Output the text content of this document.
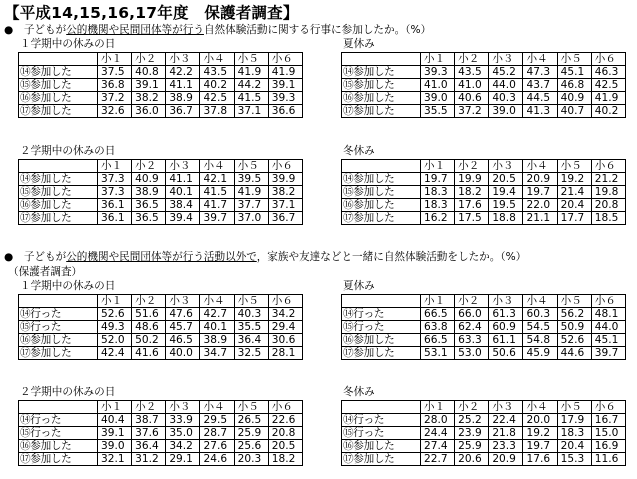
【平成14,15,16,17年度　保護者調査】
●　子どもが公的機関や民間団体等が行う自然体験活動に関する行事に参加したか。（%）
●　子どもが公的機関や民間団体等が行う活動以外で，家族や友達などと一緒に自然体験活動をしたか。（%）
（保護者調査）
１学期中の休みの日
	小１	小２	小３	小４	小５	小６
⑭参加した	37.5	40.8	42.2	43.5	41.9	41.9
⑮参加した	36.8	39.1	41.1	40.2	44.2	39.1
⑯参加した	37.2	38.2	38.9	42.5	41.5	39.3
⑰参加した	32.6	36.0	36.7	37.8	37.1	36.6
夏休み
	小１	小２	小３	小４	小５	小６
⑭参加した	39.3	43.5	45.2	47.3	45.1	46.3
⑮参加した	41.0	41.0	44.0	43.7	46.8	42.5
⑯参加した	39.0	40.6	40.3	44.5	40.9	41.9
⑰参加した	35.5	37.2	39.0	41.3	40.7	40.2
２学期中の休みの日
	小１	小２	小３	小４	小５	小６
⑭参加した	37.3	40.9	41.1	42.1	39.5	39.9
⑮参加した	37.3	38.9	40.1	41.5	41.9	38.2
⑯参加した	36.1	36.5	38.4	41.7	37.7	37.1
⑰参加した	36.1	36.5	39.4	39.7	37.0	36.7
冬休み
	小１	小２	小３	小４	小５	小６
⑭参加した	19.7	19.9	20.5	20.9	19.2	21.2
⑮参加した	18.3	18.2	19.4	19.7	21.4	19.8
⑯参加した	18.3	17.6	19.5	22.0	20.4	20.8
⑰参加した	16.2	17.5	18.8	21.1	17.7	18.5
１学期中の休みの日
	小１	小２	小３	小４	小５	小６
⑭行った	52.6	51.6	47.6	42.7	40.3	34.2
⑮行った	49.3	48.6	45.7	40.1	35.5	29.4
⑯参加した	52.0	50.2	46.5	38.9	36.4	30.6
⑰参加した	42.4	41.6	40.0	34.7	32.5	28.1
夏休み
	小１	小２	小３	小４	小５	小６
⑭行った	66.5	66.0	61.3	60.3	56.2	48.1
⑮行った	63.8	62.4	60.9	54.5	50.9	44.0
⑯参加した	66.5	63.3	61.1	54.8	52.6	45.1
⑰参加した	53.1	53.0	50.6	45.9	44.6	39.7
２学期中の休みの日
	小１	小２	小３	小４	小５	小６
⑭行った	40.4	38.7	33.9	29.5	26.5	22.6
⑮行った	39.1	37.6	35.0	28.7	25.9	20.8
⑯参加した	39.0	36.4	34.2	27.6	25.6	20.5
⑰参加した	32.1	31.2	29.1	24.6	20.3	18.2
冬休み
	小１	小２	小３	小４	小５	小６
⑭行った	28.0	25.2	22.4	20.0	17.9	16.7
⑮行った	24.4	23.9	21.8	19.2	18.3	15.0
⑯参加した	27.4	25.9	23.3	19.7	20.4	16.9
⑰参加した	22.7	20.6	20.9	17.6	15.3	11.6
